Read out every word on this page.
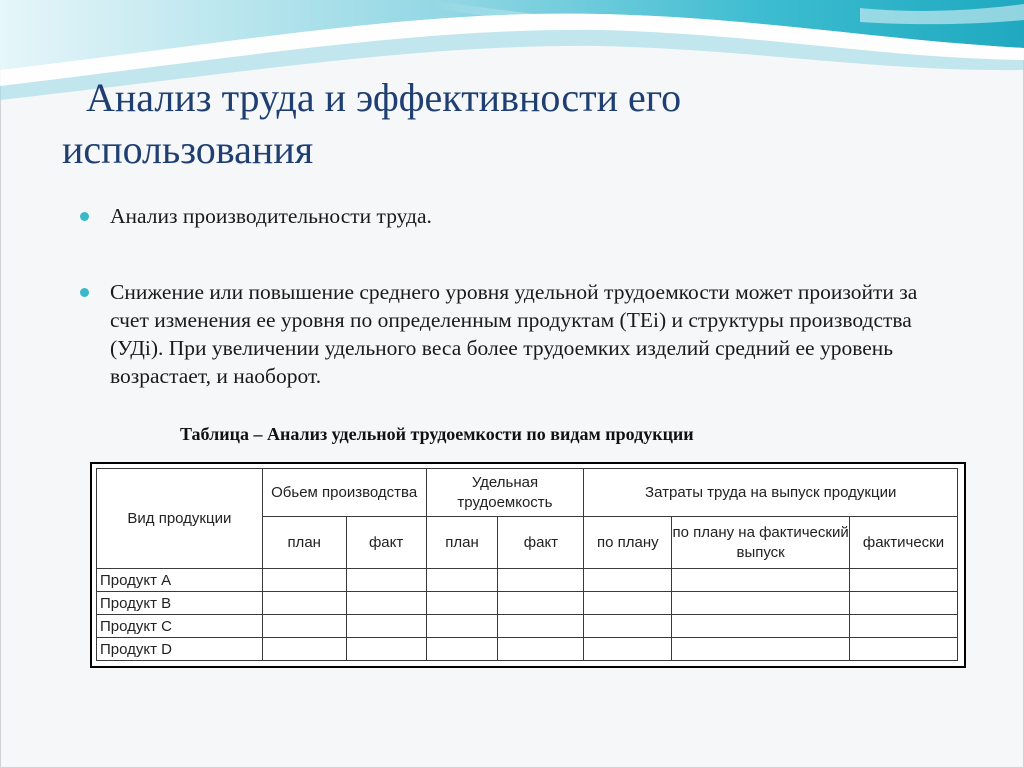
Анализ труда и эффективности его
использования
Анализ производительности труда.
Снижение или повышение среднего уровня удельной трудоемкости может произойти за счет изменения ее уровня по определенным продуктам (ТЕi) и структуры производства (УДi). При увеличении удельного веса более трудоемких изделий средний ее уровень возрастает, и наоборот.
Таблица – Анализ удельной трудоемкости по видам продукции
Вид продукции	Обьем производства		Удельная трудоемкость		Затраты труда на выпуск продукции		
	план	факт	план	факт	по плану	по плану на фактический выпуск	фактически
Продукт А							
Продукт В							
Продукт С							
Продукт D							
